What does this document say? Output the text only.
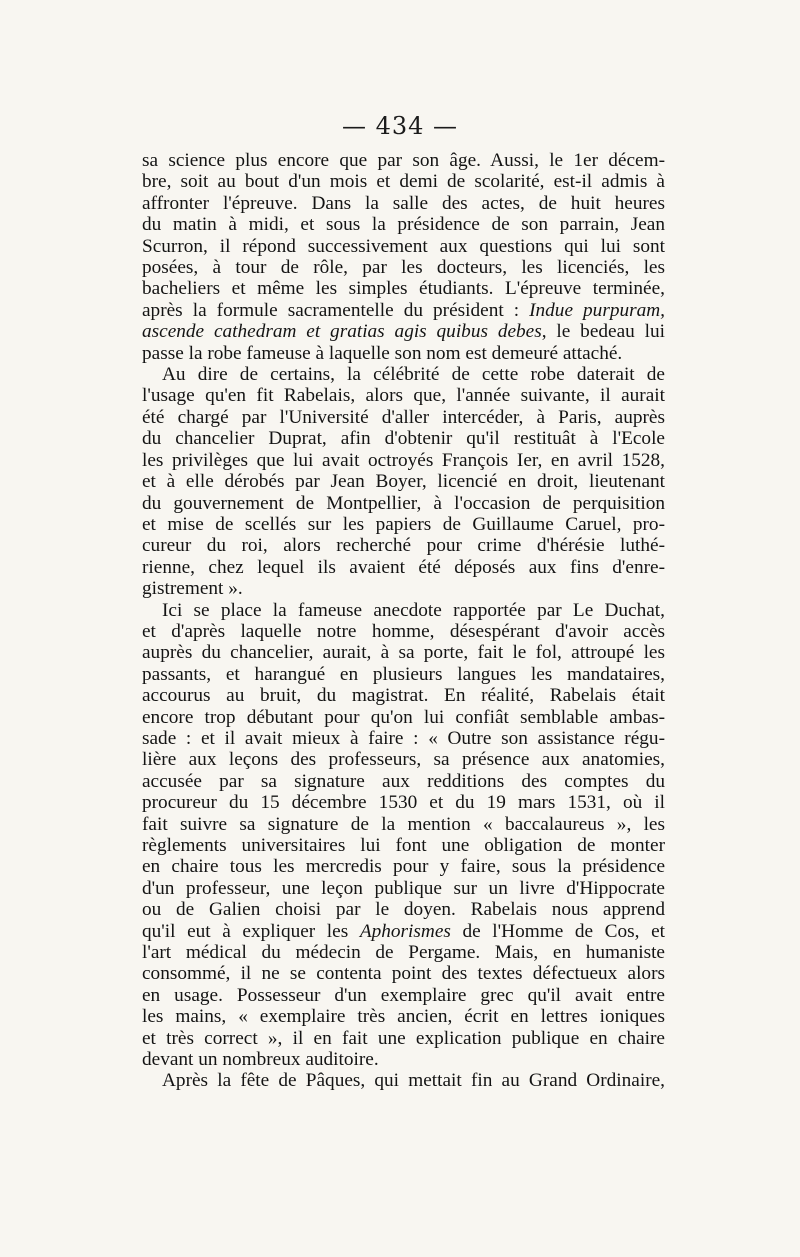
— 434 —
sa science plus encore que par son âge. Aussi, le 1er décem-
bre, soit au bout d'un mois et demi de scolarité, est-il admis à
affronter l'épreuve. Dans la salle des actes, de huit heures
du matin à midi, et sous la présidence de son parrain, Jean
Scurron, il répond successivement aux questions qui lui sont
posées, à tour de rôle, par les docteurs, les licenciés, les
bacheliers et même les simples étudiants. L'épreuve terminée,
après la formule sacramentelle du président : Indue purpuram,
ascende cathedram et gratias agis quibus debes, le bedeau lui
passe la robe fameuse à laquelle son nom est demeuré attaché.
Au dire de certains, la célébrité de cette robe daterait de
l'usage qu'en fit Rabelais, alors que, l'année suivante, il aurait
été chargé par l'Université d'aller intercéder, à Paris, auprès
du chancelier Duprat, afin d'obtenir qu'il restituât à l'Ecole
les privilèges que lui avait octroyés François Ier, en avril 1528,
et à elle dérobés par Jean Boyer, licencié en droit, lieutenant
du gouvernement de Montpellier, à l'occasion de perquisition
et mise de scellés sur les papiers de Guillaume Caruel, pro-
cureur du roi, alors recherché pour crime d'hérésie luthé-
rienne, chez lequel ils avaient été déposés aux fins d'enre-
gistrement ».
Ici se place la fameuse anecdote rapportée par Le Duchat,
et d'après laquelle notre homme, désespérant d'avoir accès
auprès du chancelier, aurait, à sa porte, fait le fol, attroupé les
passants, et harangué en plusieurs langues les mandataires,
accourus au bruit, du magistrat. En réalité, Rabelais était
encore trop débutant pour qu'on lui confiât semblable ambas-
sade : et il avait mieux à faire : « Outre son assistance régu-
lière aux leçons des professeurs, sa présence aux anatomies,
accusée par sa signature aux redditions des comptes du
procureur du 15 décembre 1530 et du 19 mars 1531, où il
fait suivre sa signature de la mention « baccalaureus », les
règlements universitaires lui font une obligation de monter
en chaire tous les mercredis pour y faire, sous la présidence
d'un professeur, une leçon publique sur un livre d'Hippocrate
ou de Galien choisi par le doyen. Rabelais nous apprend
qu'il eut à expliquer les Aphorismes de l'Homme de Cos, et
l'art médical du médecin de Pergame. Mais, en humaniste
consommé, il ne se contenta point des textes défectueux alors
en usage. Possesseur d'un exemplaire grec qu'il avait entre
les mains, « exemplaire très ancien, écrit en lettres ioniques
et très correct », il en fait une explication publique en chaire
devant un nombreux auditoire.
Après la fête de Pâques, qui mettait fin au Grand Ordinaire,
